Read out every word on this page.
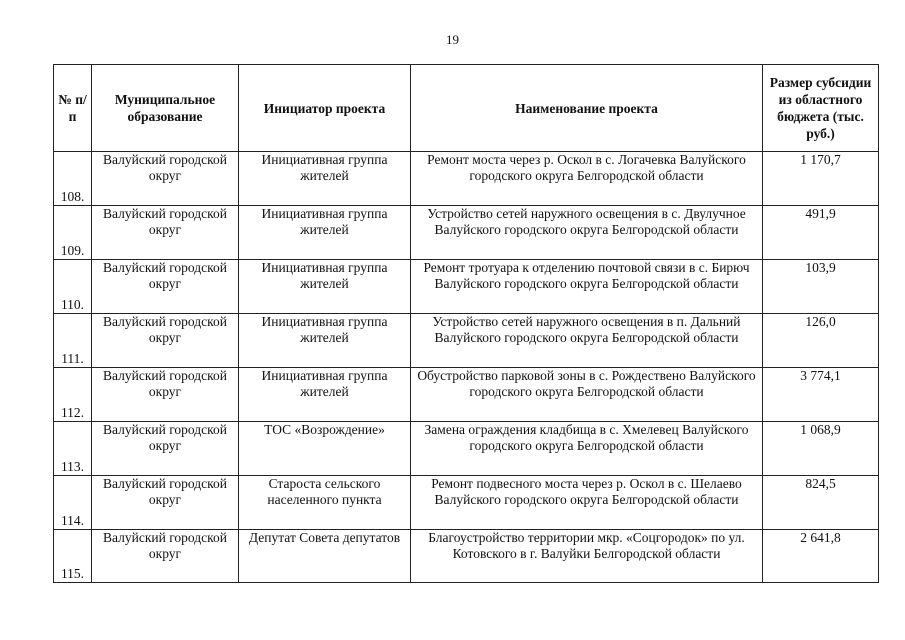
19
№ п/п	Муниципальное образование	Инициатор проекта	Наименование проекта	Размер субсидии из областного бюджета (тыс. руб.)
108.	Валуйский городской округ	Инициативная группа жителей	Ремонт моста через р. Оскол в с. Логачевка Валуйского городского округа Белгородской области	1 170,7
109.	Валуйский городской округ	Инициативная группа жителей	Устройство сетей наружного освещения в с. Двулучное Валуйского городского округа Белгородской области	491,9
110.	Валуйский городской округ	Инициативная группа жителей	Ремонт тротуара к отделению почтовой связи в с. Бирюч Валуйского городского округа Белгородской области	103,9
111.	Валуйский городской округ	Инициативная группа жителей	Устройство сетей наружного освещения в п. Дальний Валуйского городского округа Белгородской области	126,0
112.	Валуйский городской округ	Инициативная группа жителей	Обустройство парковой зоны в с. Рождествено Валуйского городского округа Белгородской области	3 774,1
113.	Валуйский городской округ	ТОС «Возрождение»	Замена ограждения кладбища в с. Хмелевец Валуйского городского округа Белгородской области	1 068,9
114.	Валуйский городской округ	Староста сельского населенного пункта	Ремонт подвесного моста через р. Оскол в с. Шелаево Валуйского городского округа Белгородской области	824,5
115.	Валуйский городской округ	Депутат Совета депутатов	Благоустройство территории мкр. «Соцгородок» по ул. Котовского в г. Валуйки Белгородской области	2 641,8
